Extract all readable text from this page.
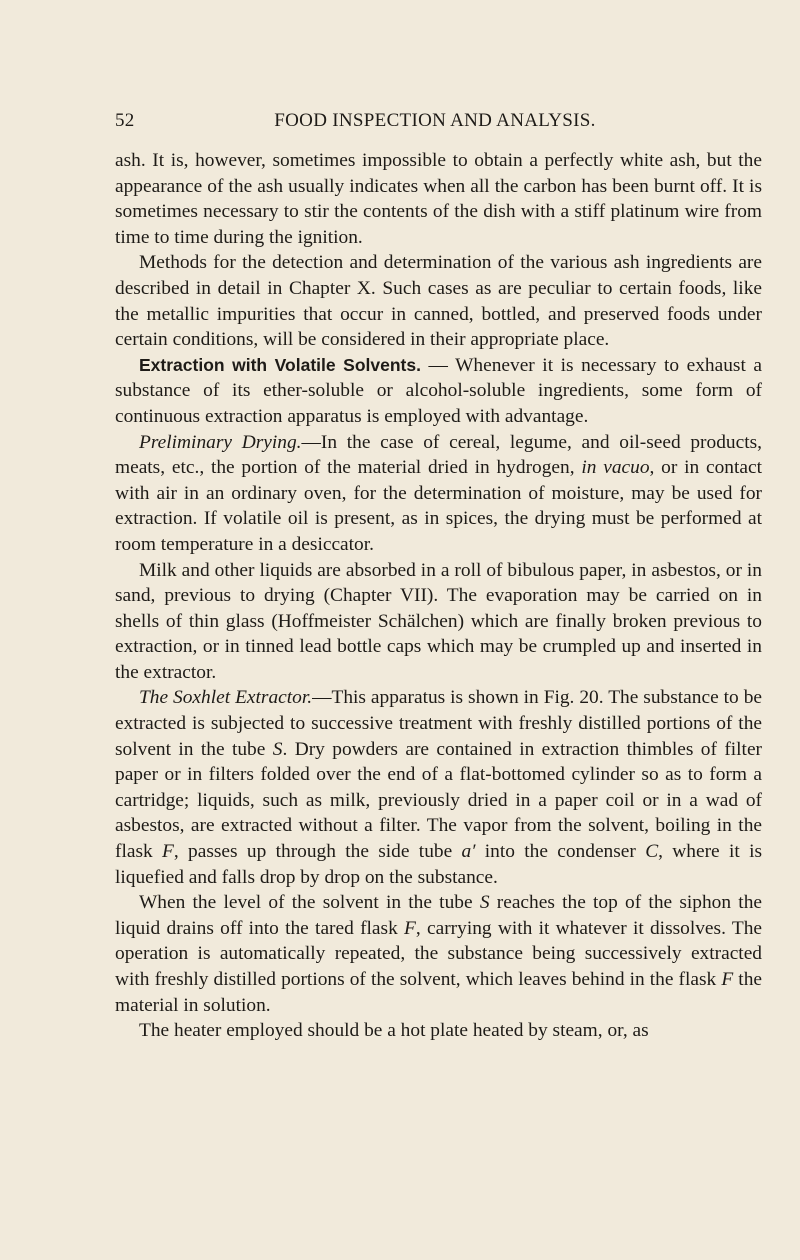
52	FOOD INSPECTION AND ANALYSIS.

ash. It is, however, sometimes impossible to obtain a perfectly white ash, but the appearance of the ash usually indicates when all the carbon has been burnt off. It is sometimes necessary to stir the contents of the dish with a stiff platinum wire from time to time during the ignition.

Methods for the detection and determination of the various ash ingredients are described in detail in Chapter X. Such cases as are peculiar to certain foods, like the metallic impurities that occur in canned, bottled, and preserved foods under certain conditions, will be considered in their appropriate place.

Extraction with Volatile Solvents. — Whenever it is necessary to exhaust a substance of its ether-soluble or alcohol-soluble ingredients, some form of continuous extraction apparatus is employed with advantage.

Preliminary Drying.—In the case of cereal, legume, and oil-seed products, meats, etc., the portion of the material dried in hydrogen, in vacuo, or in contact with air in an ordinary oven, for the determination of moisture, may be used for extraction. If volatile oil is present, as in spices, the drying must be performed at room temperature in a desiccator.

Milk and other liquids are absorbed in a roll of bibulous paper, in asbestos, or in sand, previous to drying (Chapter VII). The evaporation may be carried on in shells of thin glass (Hoffmeister Schälchen) which are finally broken previous to extraction, or in tinned lead bottle caps which may be crumpled up and inserted in the extractor.

The Soxhlet Extractor.—This apparatus is shown in Fig. 20. The substance to be extracted is subjected to successive treatment with freshly distilled portions of the solvent in the tube S. Dry powders are contained in extraction thimbles of filter paper or in filters folded over the end of a flat-bottomed cylinder so as to form a cartridge; liquids, such as milk, previously dried in a paper coil or in a wad of asbestos, are extracted without a filter. The vapor from the solvent, boiling in the flask F, passes up through the side tube a′ into the condenser C, where it is liquefied and falls drop by drop on the substance.

When the level of the solvent in the tube S reaches the top of the siphon the liquid drains off into the tared flask F, carrying with it whatever it dissolves. The operation is automatically repeated, the substance being successively extracted with freshly distilled portions of the solvent, which leaves behind in the flask F the material in solution.

The heater employed should be a hot plate heated by steam, or, as
